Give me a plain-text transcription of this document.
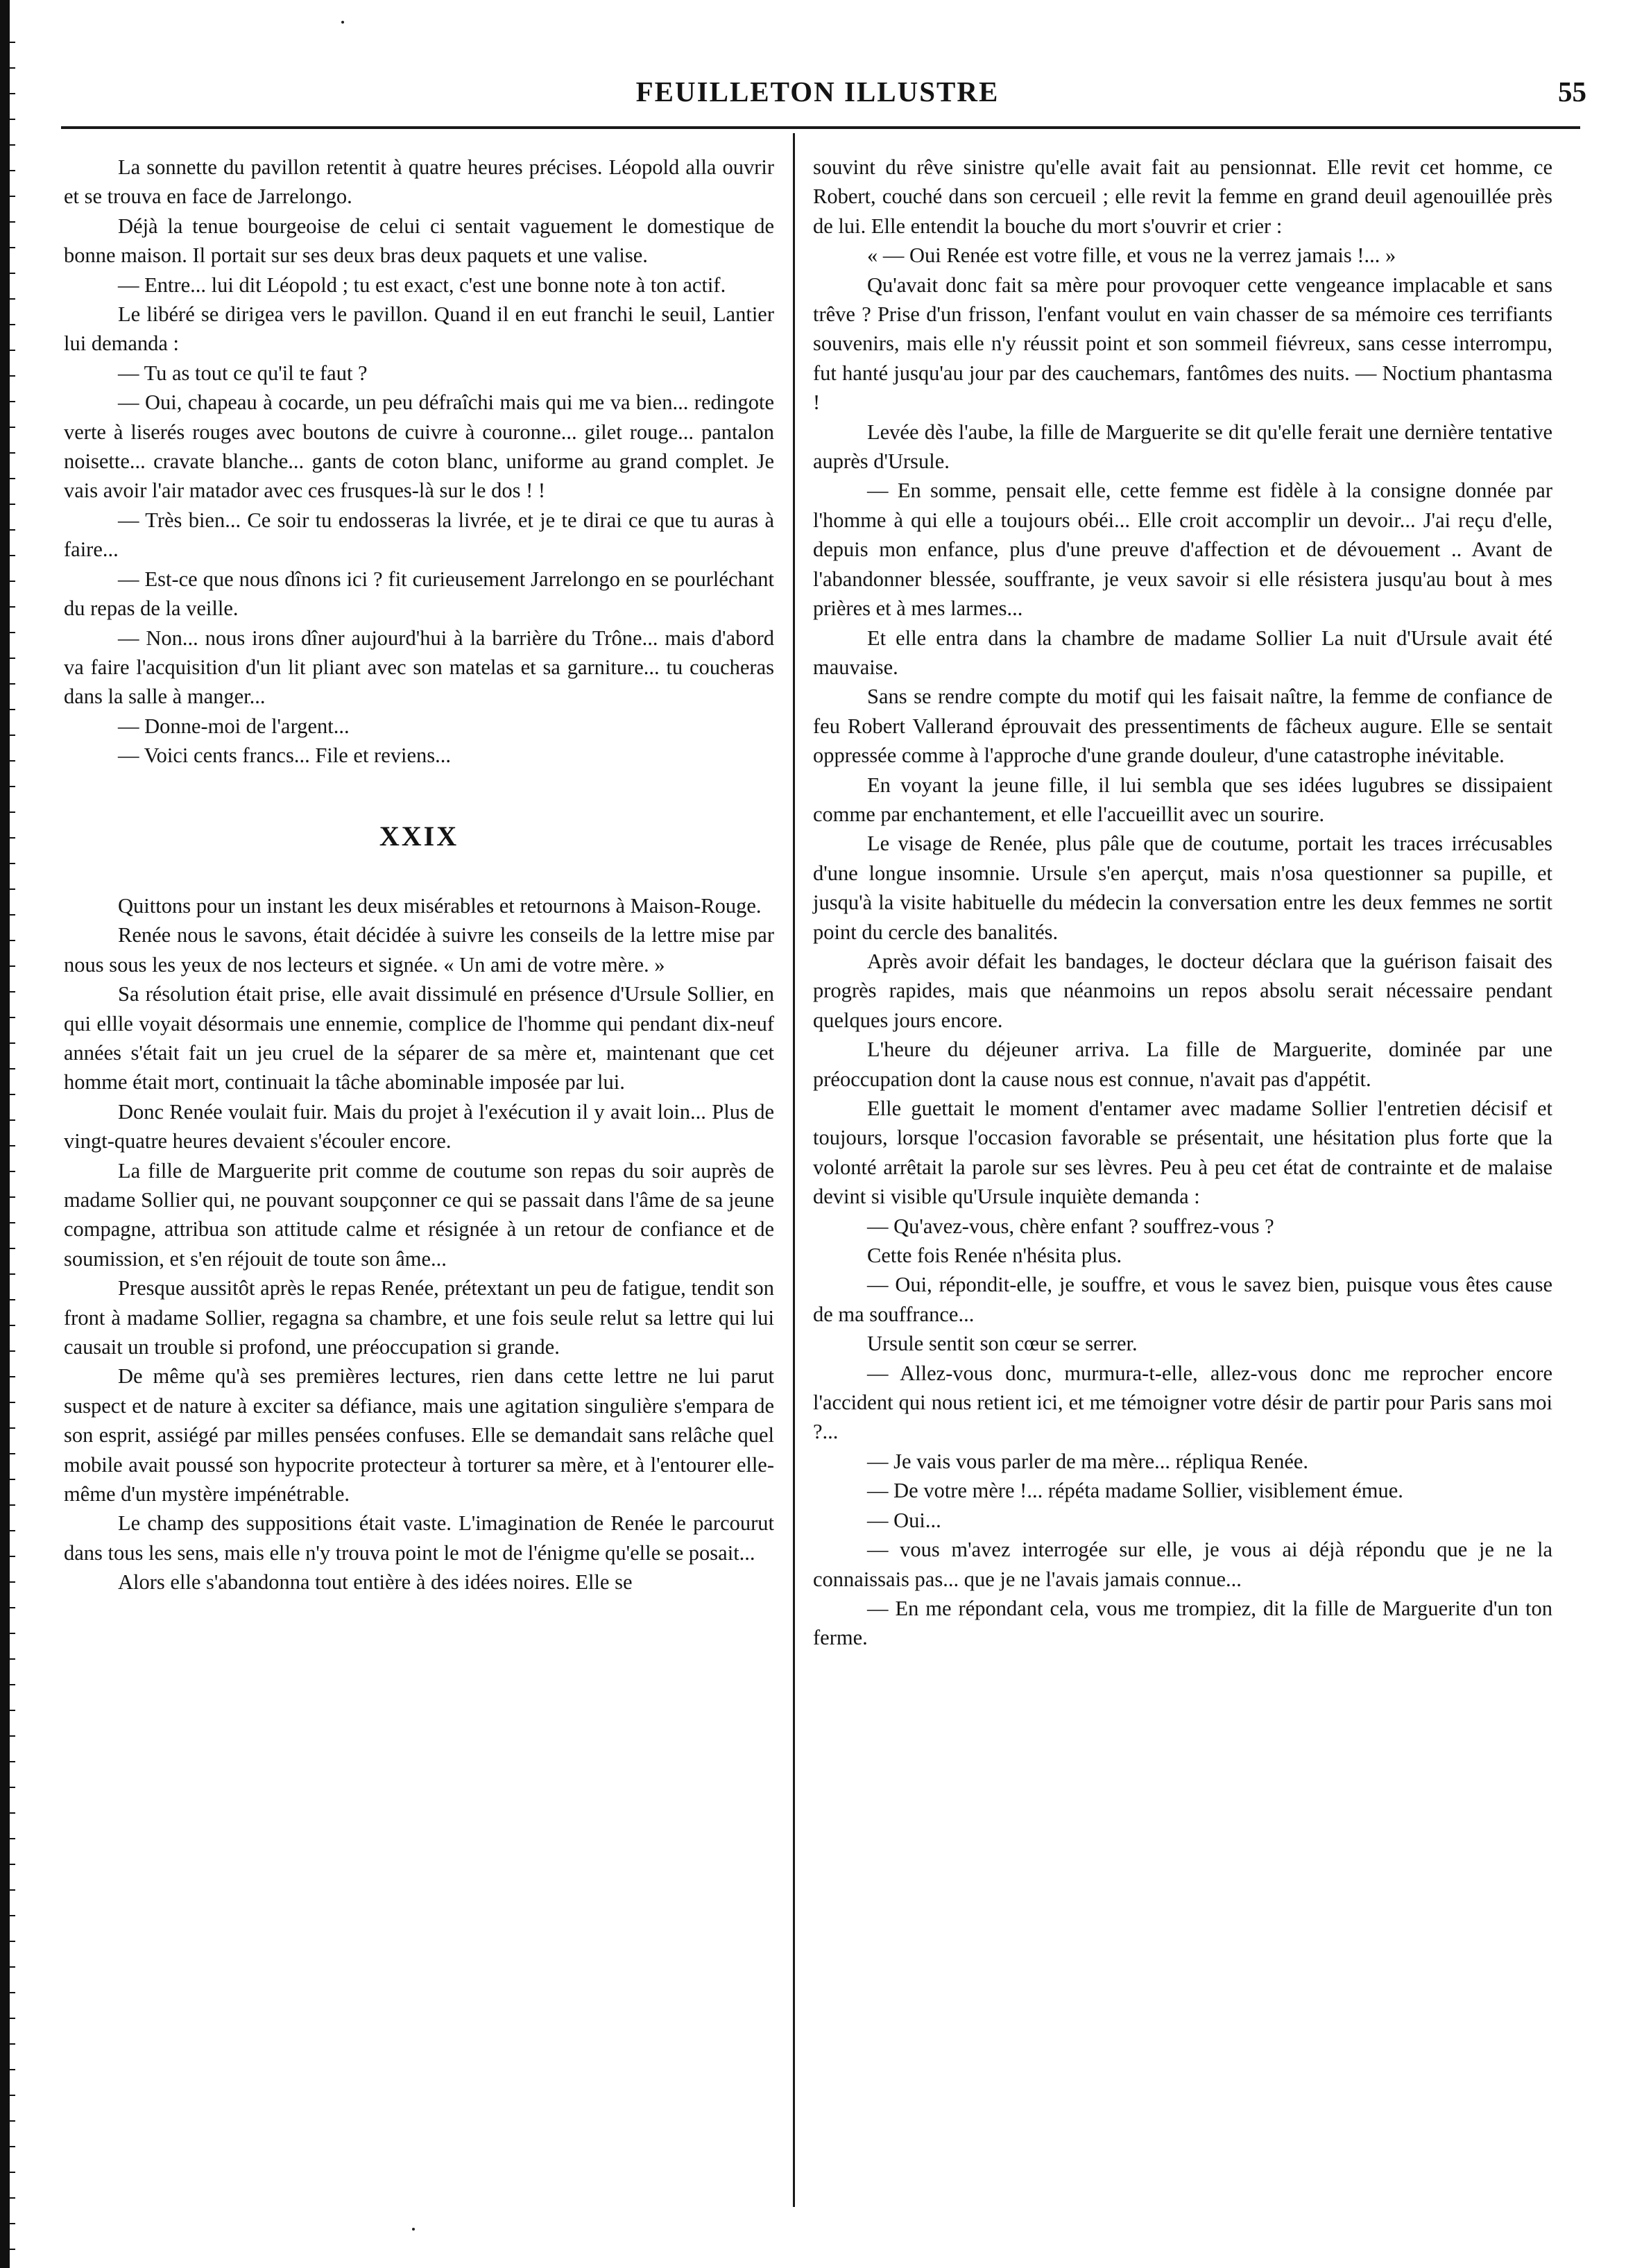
FEUILLETON ILLUSTRE	55

La sonnette du pavillon retentit à quatre heures précises. Léopold alla ouvrir et se trouva en face de Jarrelongo.

Déjà la tenue bourgeoise de celui ci sentait vaguement le domestique de bonne maison. Il portait sur ses deux bras deux paquets et une valise.

— Entre... lui dit Léopold ; tu est exact, c'est une bonne note à ton actif.

Le libéré se dirigea vers le pavillon. Quand il en eut franchi le seuil, Lantier lui demanda :

— Tu as tout ce qu'il te faut ?

— Oui, chapeau à cocarde, un peu défraîchi mais qui me va bien... redingote verte à liserés rouges avec boutons de cuivre à couronne... gilet rouge... pantalon noisette... cravate blanche... gants de coton blanc, uniforme au grand complet. Je vais avoir l'air matador avec ces frusques-là sur le dos ! !

— Très bien... Ce soir tu endosseras la livrée, et je te dirai ce que tu auras à faire...

— Est-ce que nous dînons ici ? fit curieusement Jarrelongo en se pourléchant du repas de la veille.

— Non... nous irons dîner aujourd'hui à la barrière du Trône... mais d'abord va faire l'acquisition d'un lit pliant avec son matelas et sa garniture... tu coucheras dans la salle à manger...

— Donne-moi de l'argent...

— Voici cents francs... File et reviens...

XXIX

Quittons pour un instant les deux misérables et retournons à Maison-Rouge.

Renée nous le savons, était décidée à suivre les conseils de la lettre mise par nous sous les yeux de nos lecteurs et signée. « Un ami de votre mère. »

Sa résolution était prise, elle avait dissimulé en présence d'Ursule Sollier, en qui ellle voyait désormais une ennemie, complice de l'homme qui pendant dix-neuf années s'était fait un jeu cruel de la séparer de sa mère et, maintenant que cet homme était mort, continuait la tâche abominable imposée par lui.

Donc Renée voulait fuir. Mais du projet à l'exécution il y avait loin... Plus de vingt-quatre heures devaient s'écouler encore.

La fille de Marguerite prit comme de coutume son repas du soir auprès de madame Sollier qui, ne pouvant soupçonner ce qui se passait dans l'âme de sa jeune compagne, attribua son attitude calme et résignée à un retour de confiance et de soumission, et s'en réjouit de toute son âme...

Presque aussitôt après le repas Renée, prétextant un peu de fatigue, tendit son front à madame Sollier, regagna sa chambre, et une fois seule relut sa lettre qui lui causait un trouble si profond, une préoccupation si grande.

De même qu'à ses premières lectures, rien dans cette lettre ne lui parut suspect et de nature à exciter sa défiance, mais une agitation singulière s'empara de son esprit, assiégé par milles pensées confuses. Elle se demandait sans relâche quel mobile avait poussé son hypocrite protecteur à torturer sa mère, et à l'entourer elle-même d'un mystère impénétrable.

Le champ des suppositions était vaste. L'imagination de Renée le parcourut dans tous les sens, mais elle n'y trouva point le mot de l'énigme qu'elle se posait...

Alors elle s'abandonna tout entière à des idées noires. Elle se

souvint du rêve sinistre qu'elle avait fait au pensionnat. Elle revit cet homme, ce Robert, couché dans son cercueil ; elle revit la femme en grand deuil agenouillée près de lui. Elle entendit la bouche du mort s'ouvrir et crier :

« — Oui Renée est votre fille, et vous ne la verrez jamais !... »

Qu'avait donc fait sa mère pour provoquer cette vengeance implacable et sans trêve ? Prise d'un frisson, l'enfant voulut en vain chasser de sa mémoire ces terrifiants souvenirs, mais elle n'y réussit point et son sommeil fiévreux, sans cesse interrompu, fut hanté jusqu'au jour par des cauchemars, fantômes des nuits. — Noctium phantasma !

Levée dès l'aube, la fille de Marguerite se dit qu'elle ferait une dernière tentative auprès d'Ursule.

— En somme, pensait elle, cette femme est fidèle à la consigne donnée par l'homme à qui elle a toujours obéi... Elle croit accomplir un devoir... J'ai reçu d'elle, depuis mon enfance, plus d'une preuve d'affection et de dévouement .. Avant de l'abandonner blessée, souffrante, je veux savoir si elle résistera jusqu'au bout à mes prières et à mes larmes...

Et elle entra dans la chambre de madame Sollier La nuit d'Ursule avait été mauvaise.

Sans se rendre compte du motif qui les faisait naître, la femme de confiance de feu Robert Vallerand éprouvait des pressentiments de fâcheux augure. Elle se sentait oppressée comme à l'approche d'une grande douleur, d'une catastrophe inévitable.

En voyant la jeune fille, il lui sembla que ses idées lugubres se dissipaient comme par enchantement, et elle l'accueillit avec un sourire.

Le visage de Renée, plus pâle que de coutume, portait les traces irrécusables d'une longue insomnie. Ursule s'en aperçut, mais n'osa questionner sa pupille, et jusqu'à la visite habituelle du médecin la conversation entre les deux femmes ne sortit point du cercle des banalités.

Après avoir défait les bandages, le docteur déclara que la guérison faisait des progrès rapides, mais que néanmoins un repos absolu serait nécessaire pendant quelques jours encore.

L'heure du déjeuner arriva. La fille de Marguerite, dominée par une préoccupation dont la cause nous est connue, n'avait pas d'appétit.

Elle guettait le moment d'entamer avec madame Sollier l'entretien décisif et toujours, lorsque l'occasion favorable se présentait, une hésitation plus forte que la volonté arrêtait la parole sur ses lèvres. Peu à peu cet état de contrainte et de malaise devint si visible qu'Ursule inquiète demanda :

— Qu'avez-vous, chère enfant ? souffrez-vous ?

Cette fois Renée n'hésita plus.

— Oui, répondit-elle, je souffre, et vous le savez bien, puisque vous êtes cause de ma souffrance...

Ursule sentit son cœur se serrer.

— Allez-vous donc, murmura-t-elle, allez-vous donc me reprocher encore l'accident qui nous retient ici, et me témoigner votre désir de partir pour Paris sans moi ?...

— Je vais vous parler de ma mère... répliqua Renée.

— De votre mère !... répéta madame Sollier, visiblement émue.

— Oui...

— vous m'avez interrogée sur elle, je vous ai déjà répondu que je ne la connaissais pas... que je ne l'avais jamais connue...

— En me répondant cela, vous me trompiez, dit la fille de Marguerite d'un ton ferme.
